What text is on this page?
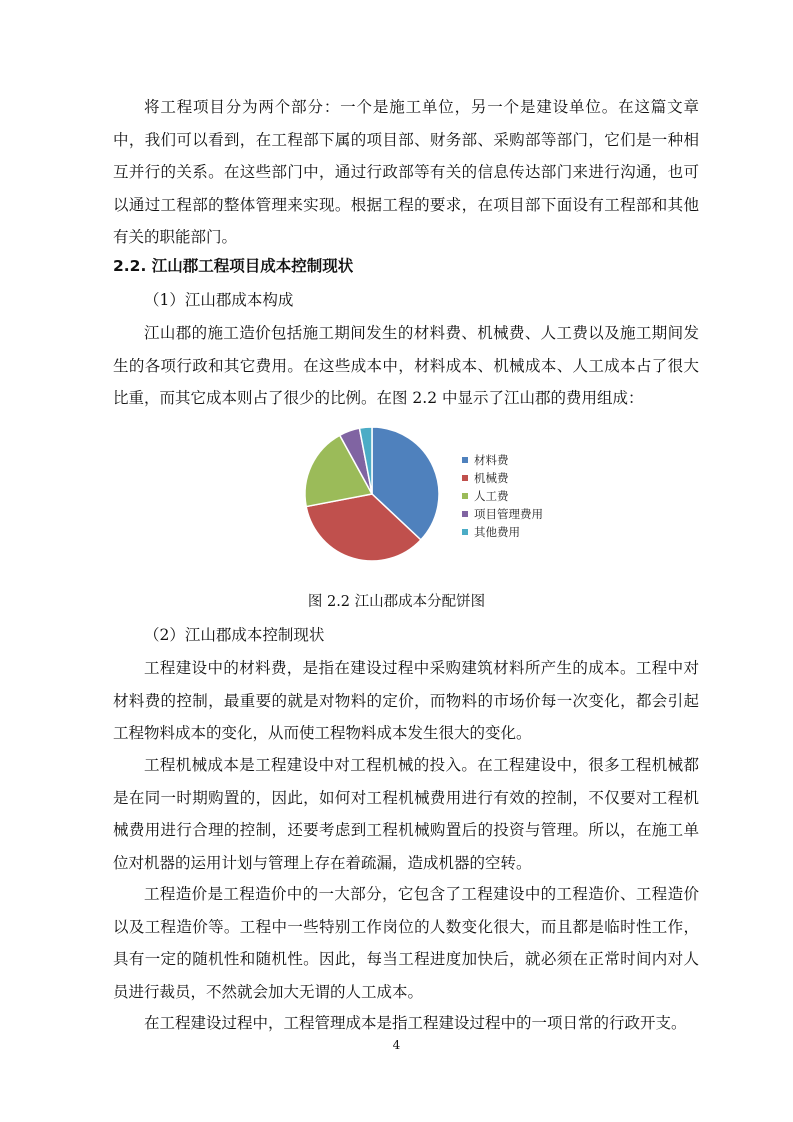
将工程项目分为两个部分：一个是施工单位，另一个是建设单位。在这篇文章中，我们可以看到，在工程部下属的项目部、财务部、采购部等部门，它们是一种相互并行的关系。在这些部门中，通过行政部等有关的信息传达部门来进行沟通，也可以通过工程部的整体管理来实现。根据工程的要求，在项目部下面设有工程部和其他有关的职能部门。

2.2. 江山郡工程项目成本控制现状

（1）江山郡成本构成

江山郡的施工造价包括施工期间发生的材料费、机械费、人工费以及施工期间发生的各项行政和其它费用。在这些成本中，材料成本、机械成本、人工成本占了很大比重，而其它成本则占了很少的比例。在图 2.2 中显示了江山郡的费用组成：

材料费
机械费
人工费
项目管理费用
其他费用

图 2.2 江山郡成本分配饼图

（2）江山郡成本控制现状

工程建设中的材料费，是指在建设过程中采购建筑材料所产生的成本。工程中对材料费的控制，最重要的就是对物料的定价，而物料的市场价每一次变化，都会引起工程物料成本的变化，从而使工程物料成本发生很大的变化。

工程机械成本是工程建设中对工程机械的投入。在工程建设中，很多工程机械都是在同一时期购置的，因此，如何对工程机械费用进行有效的控制，不仅要对工程机械费用进行合理的控制，还要考虑到工程机械购置后的投资与管理。所以，在施工单位对机器的运用计划与管理上存在着疏漏，造成机器的空转。

工程造价是工程造价中的一大部分，它包含了工程建设中的工程造价、工程造价以及工程造价等。工程中一些特别工作岗位的人数变化很大，而且都是临时性工作，具有一定的随机性和随机性。因此，每当工程进度加快后，就必须在正常时间内对人员进行裁员，不然就会加大无谓的人工成本。

在工程建设过程中，工程管理成本是指工程建设过程中的一项日常的行政开支。

4
